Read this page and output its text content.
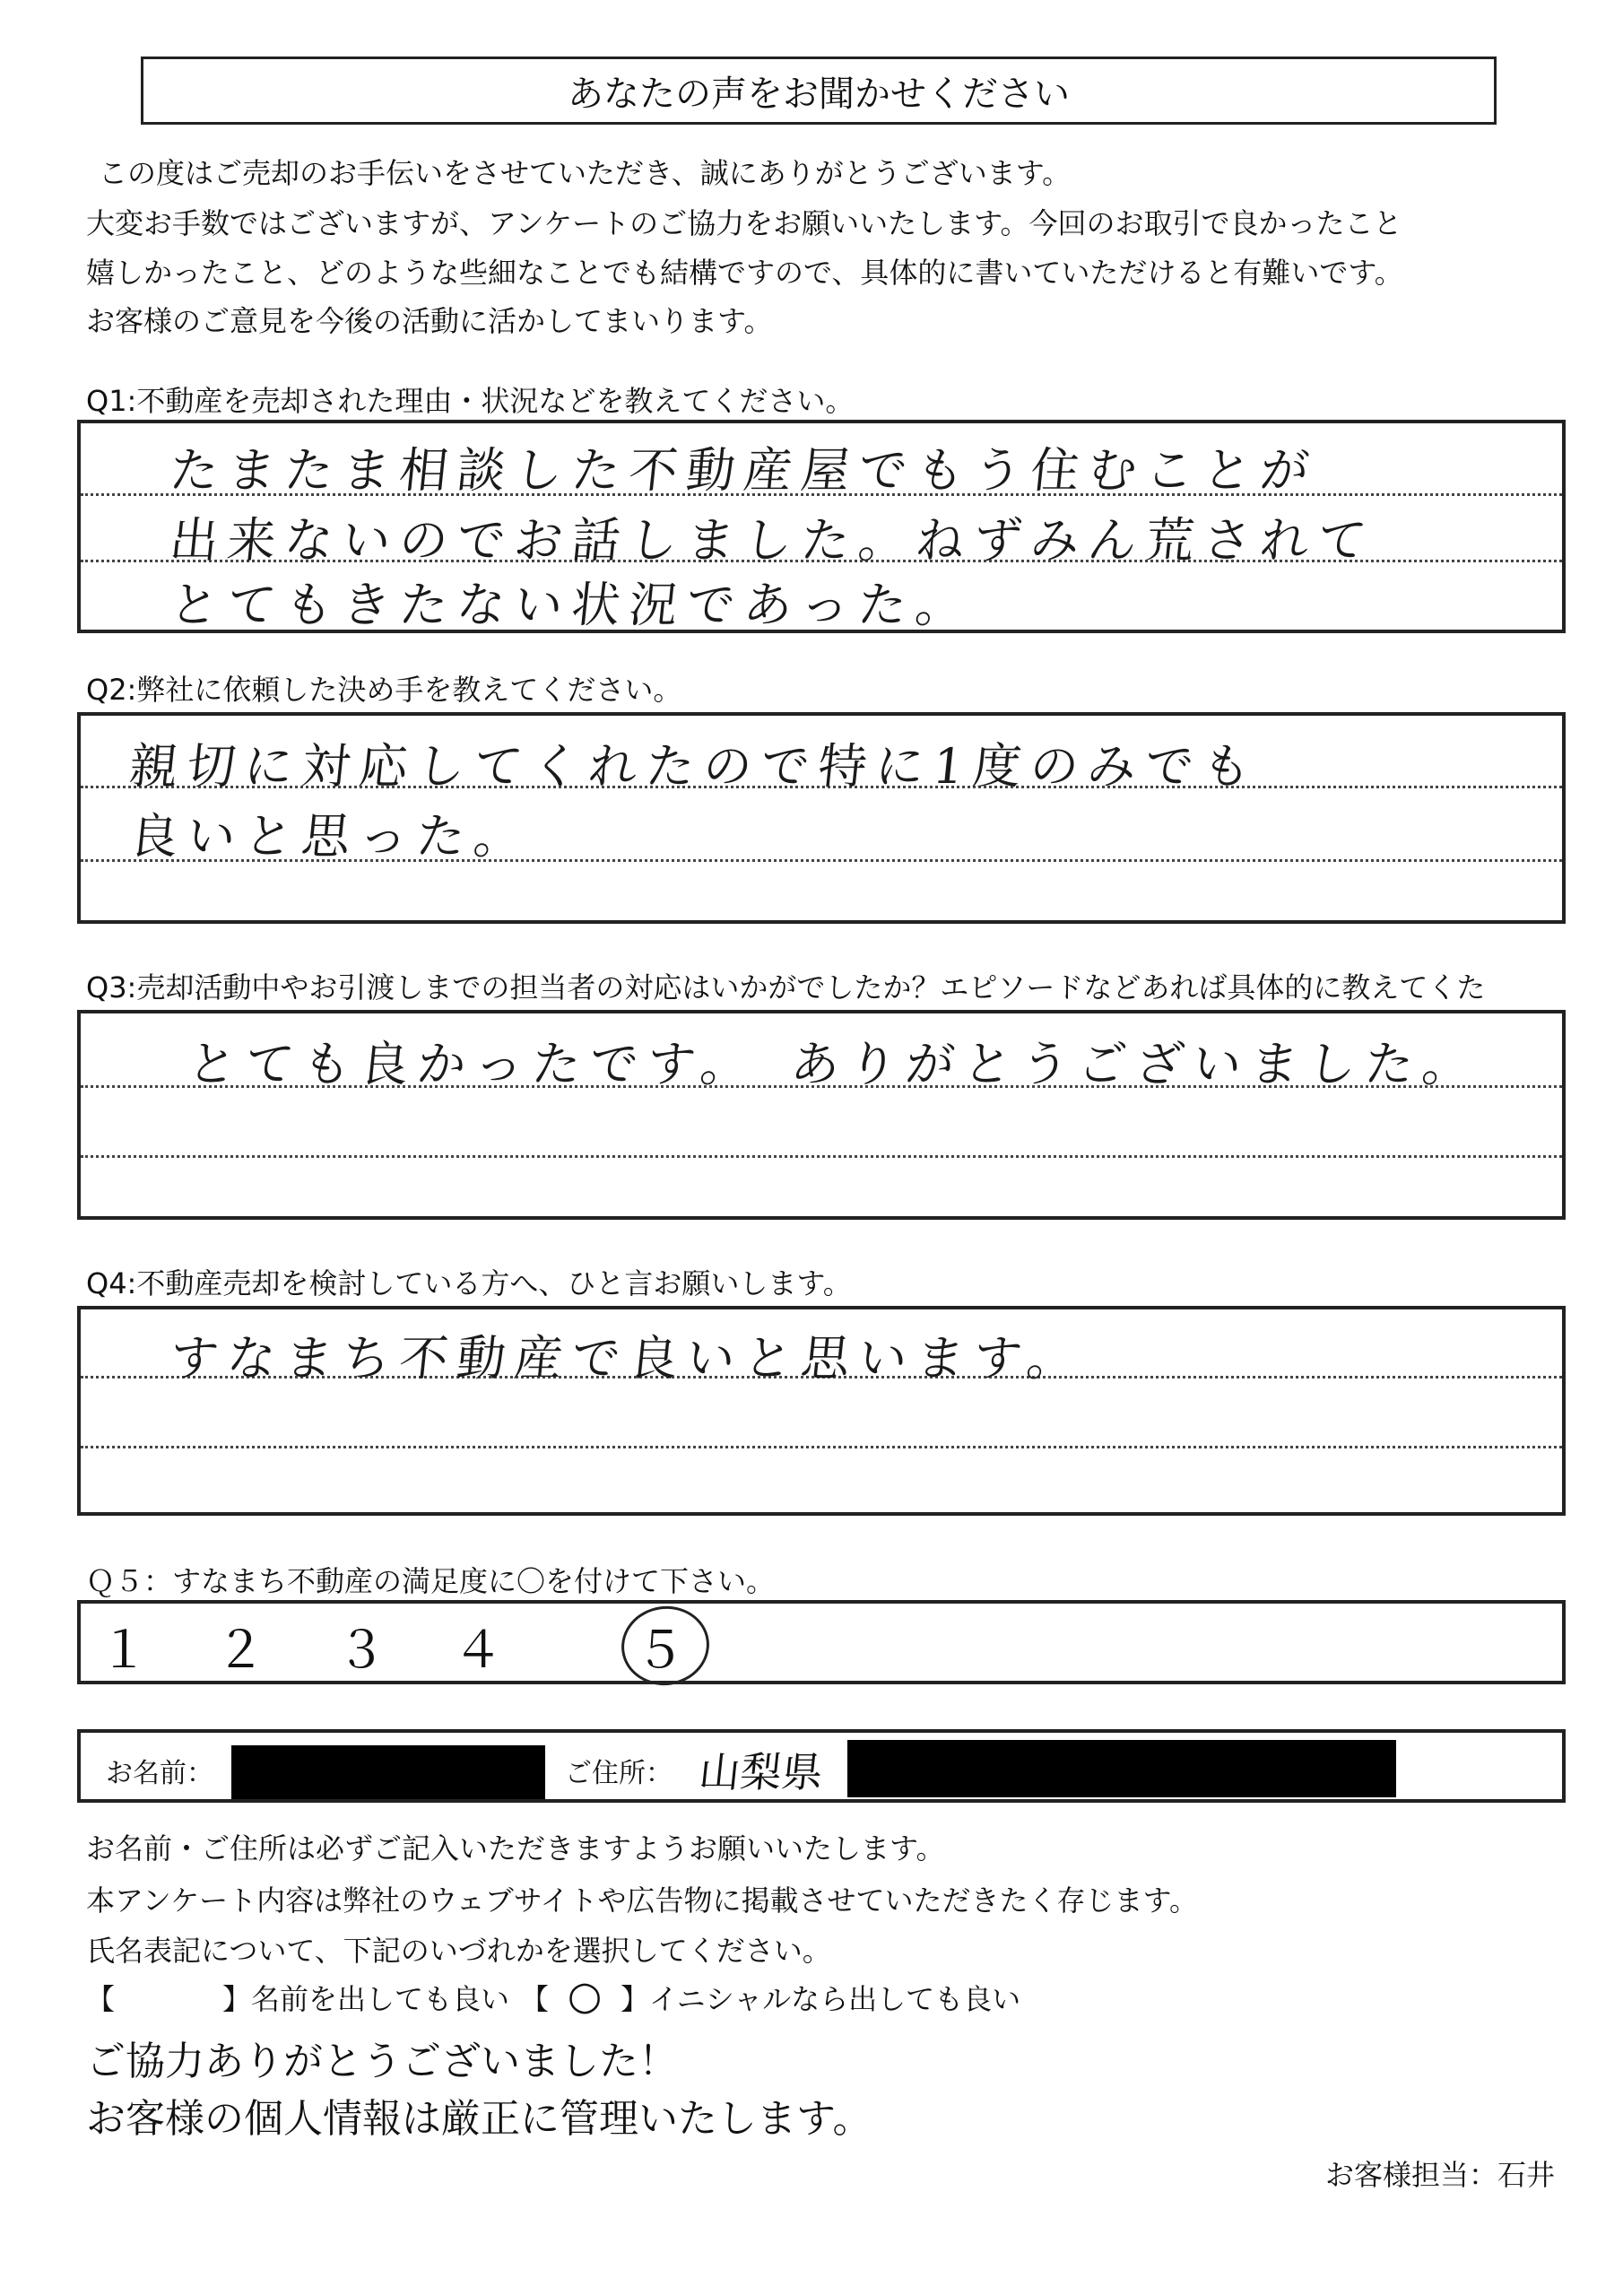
あなたの声をお聞かせください
この度はご売却のお手伝いをさせていただき、誠にありがとうございます。
大変お手数ではございますが、アンケートのご協力をお願いいたします。今回のお取引で良かったこと
嬉しかったこと、どのような些細なことでも結構ですので、具体的に書いていただけると有難いです。
お客様のご意見を今後の活動に活かしてまいります。
Q1:不動産を売却された理由・状況などを教えてください。
たまたま相談した不動産屋でもう住むことが
出来ないのでお話しました。ねずみん荒されて
とてもきたない状況であった。
Q2:弊社に依頼した決め手を教えてください。
親切に対応してくれたので特に1度のみでも
良いと思った。
Q3:売却活動中やお引渡しまでの担当者の対応はいかがでしたか？エピソードなどあれば具体的に教えてくた
とても良かったです。　ありがとうございました。
Q4:不動産売却を検討している方へ、ひと言お願いします。
すなまち不動産で良いと思います。
Ｑ５：すなまち不動産の満足度に〇を付けて下さい。
１ ２ ３ ４	５
お名前：	ご住所： 山梨県
お名前・ご住所は必ずご記入いただきますようお願いいたします。
本アンケート内容は弊社のウェブサイトや広告物に掲載させていただきたく存じます。
氏名表記について、下記のいづれかを選択してください。
【	】名前を出しても良い 【 ○ 】イニシャルなら出しても良い
ご協力ありがとうございました！
お客様の個人情報は厳正に管理いたします。
お客様担当：石井
